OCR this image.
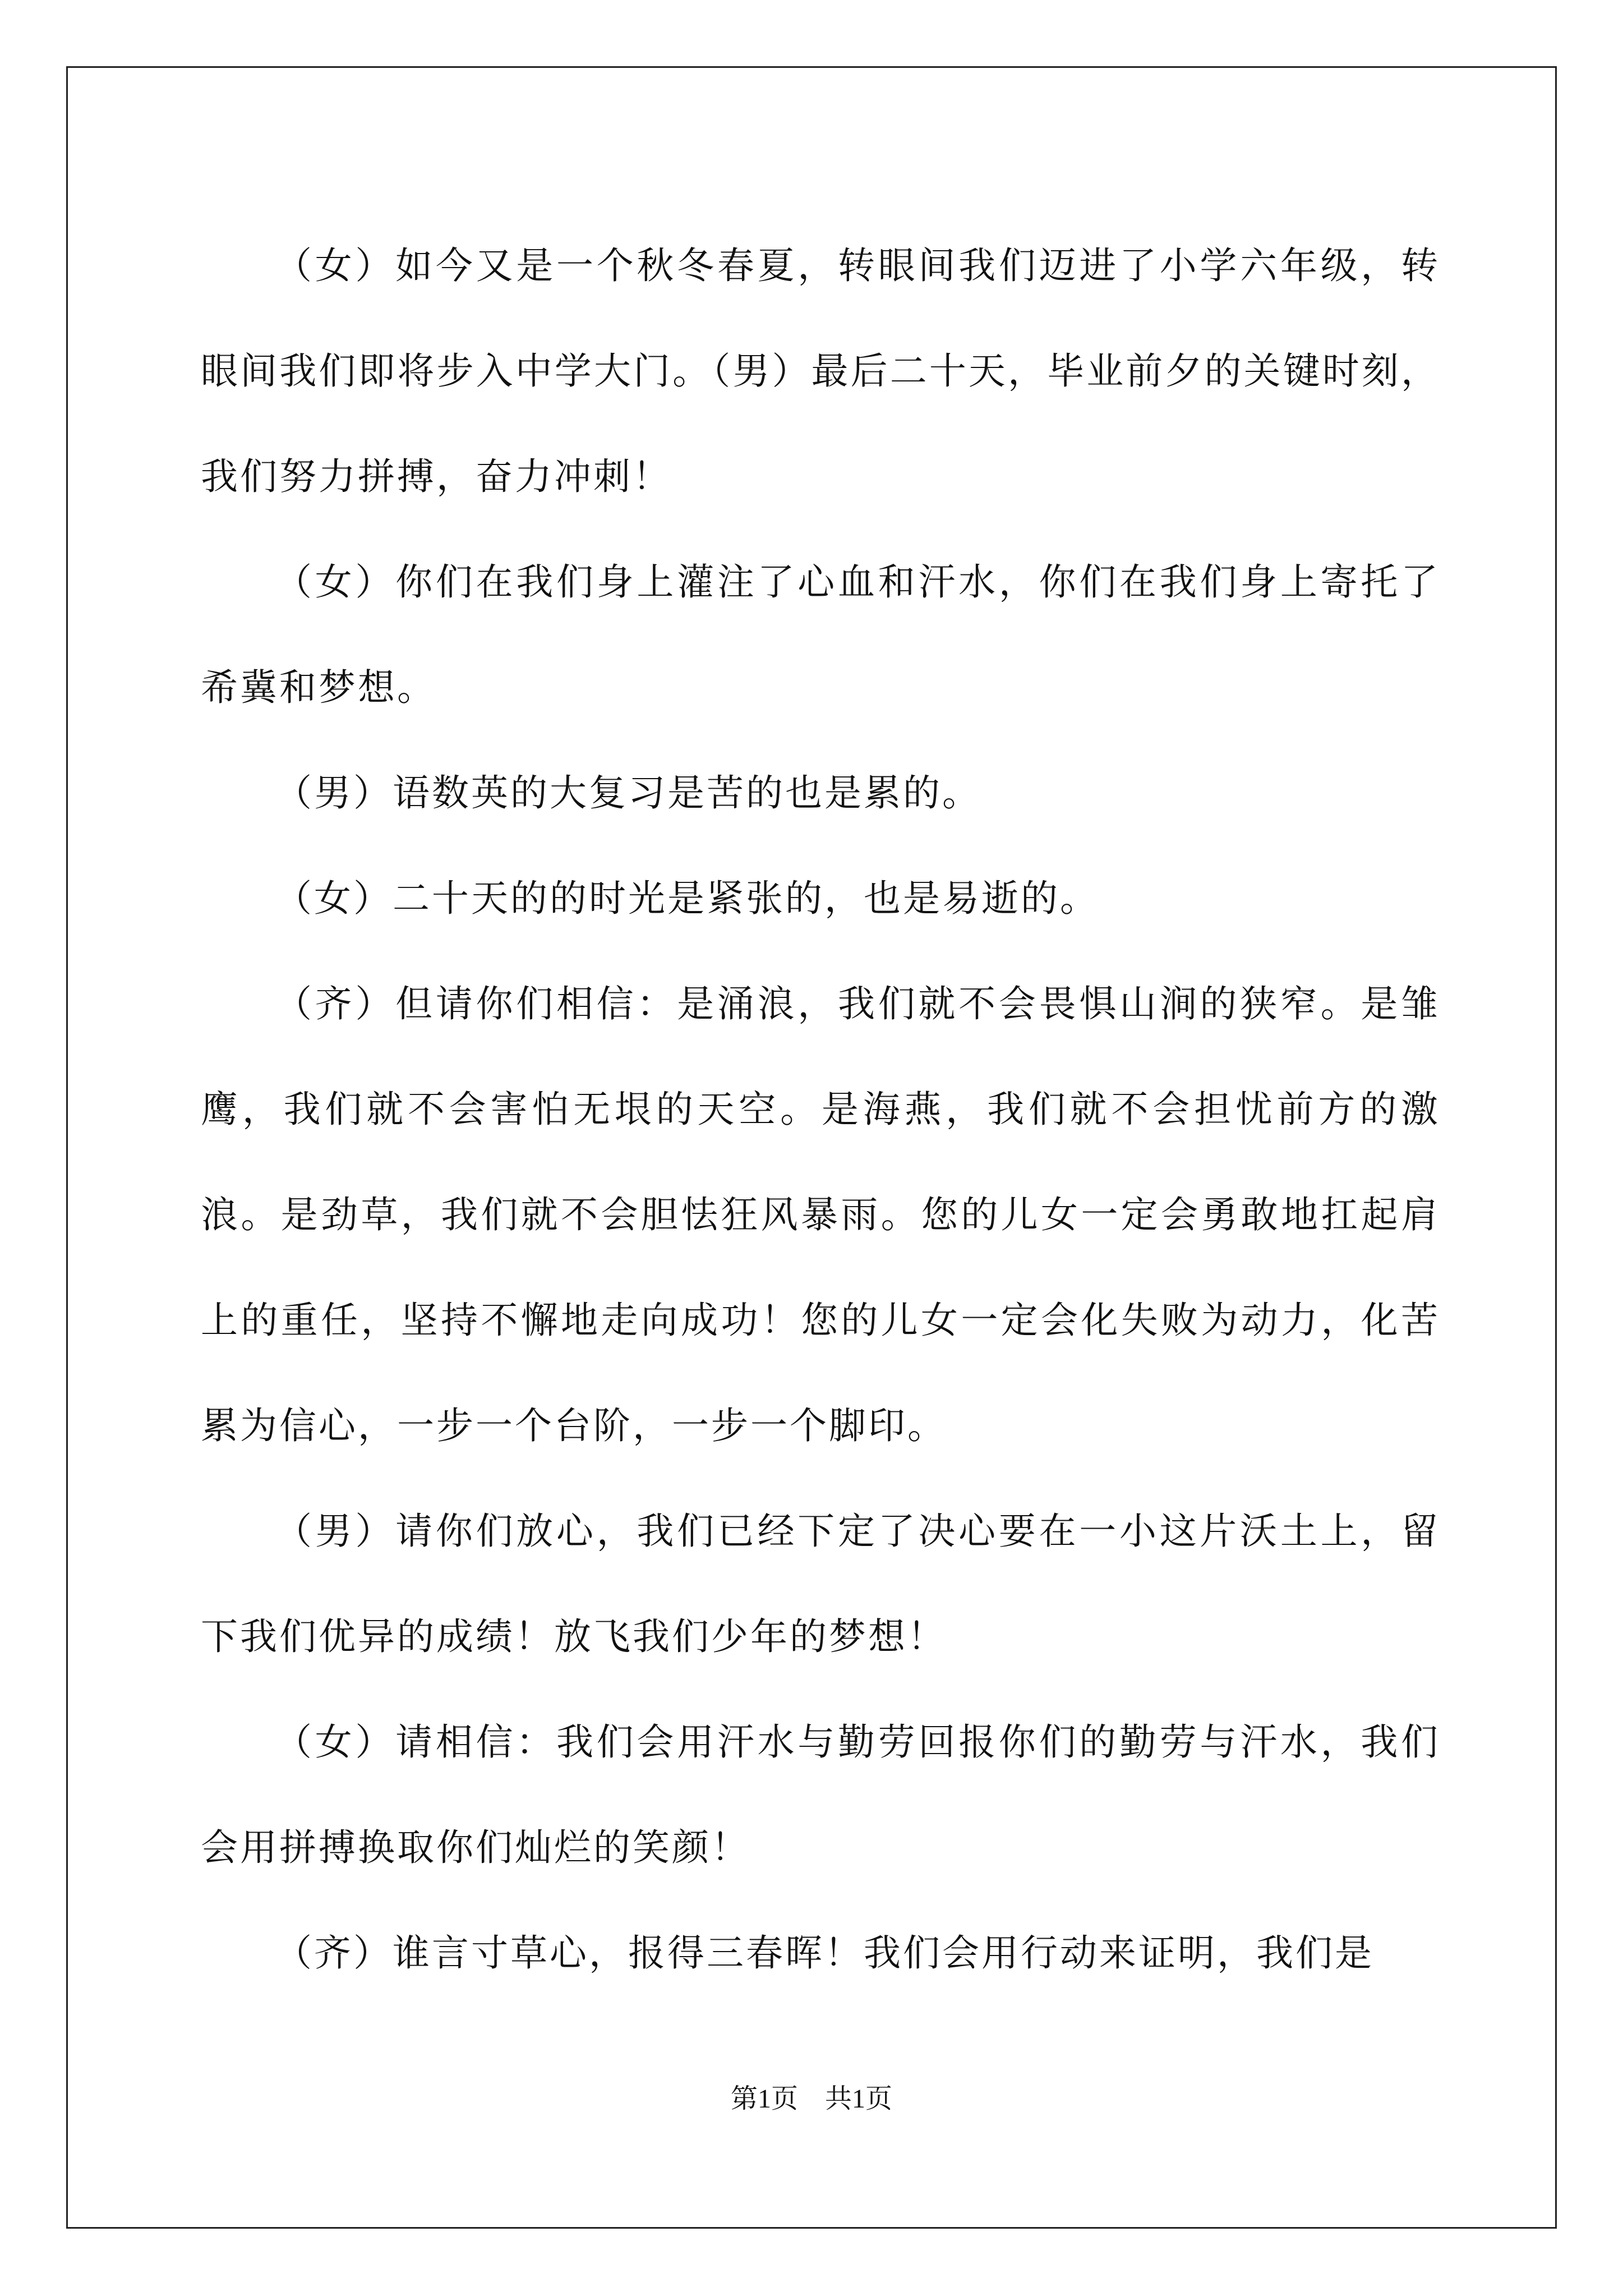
（女）如今又是一个秋冬春夏，转眼间我们迈进了小学六年级，转眼间我们即将步入中学大门。（男）最后二十天，毕业前夕的关键时刻，我们努力拼搏，奋力冲刺！

（女）你们在我们身上灌注了心血和汗水，你们在我们身上寄托了希冀和梦想。

（男）语数英的大复习是苦的也是累的。

（女）二十天的的时光是紧张的，也是易逝的。

（齐）但请你们相信：是涌浪，我们就不会畏惧山涧的狭窄。是雏鹰，我们就不会害怕无垠的天空。是海燕，我们就不会担忧前方的激浪。是劲草，我们就不会胆怯狂风暴雨。您的儿女一定会勇敢地扛起肩上的重任，坚持不懈地走向成功！您的儿女一定会化失败为动力，化苦累为信心，一步一个台阶，一步一个脚印。

（男）请你们放心，我们已经下定了决心要在一小这片沃土上，留下我们优异的成绩！放飞我们少年的梦想！

（女）请相信：我们会用汗水与勤劳回报你们的勤劳与汗水，我们会用拼搏换取你们灿烂的笑颜！

（齐）谁言寸草心，报得三春晖！我们会用行动来证明，我们是

第1页　共1页
